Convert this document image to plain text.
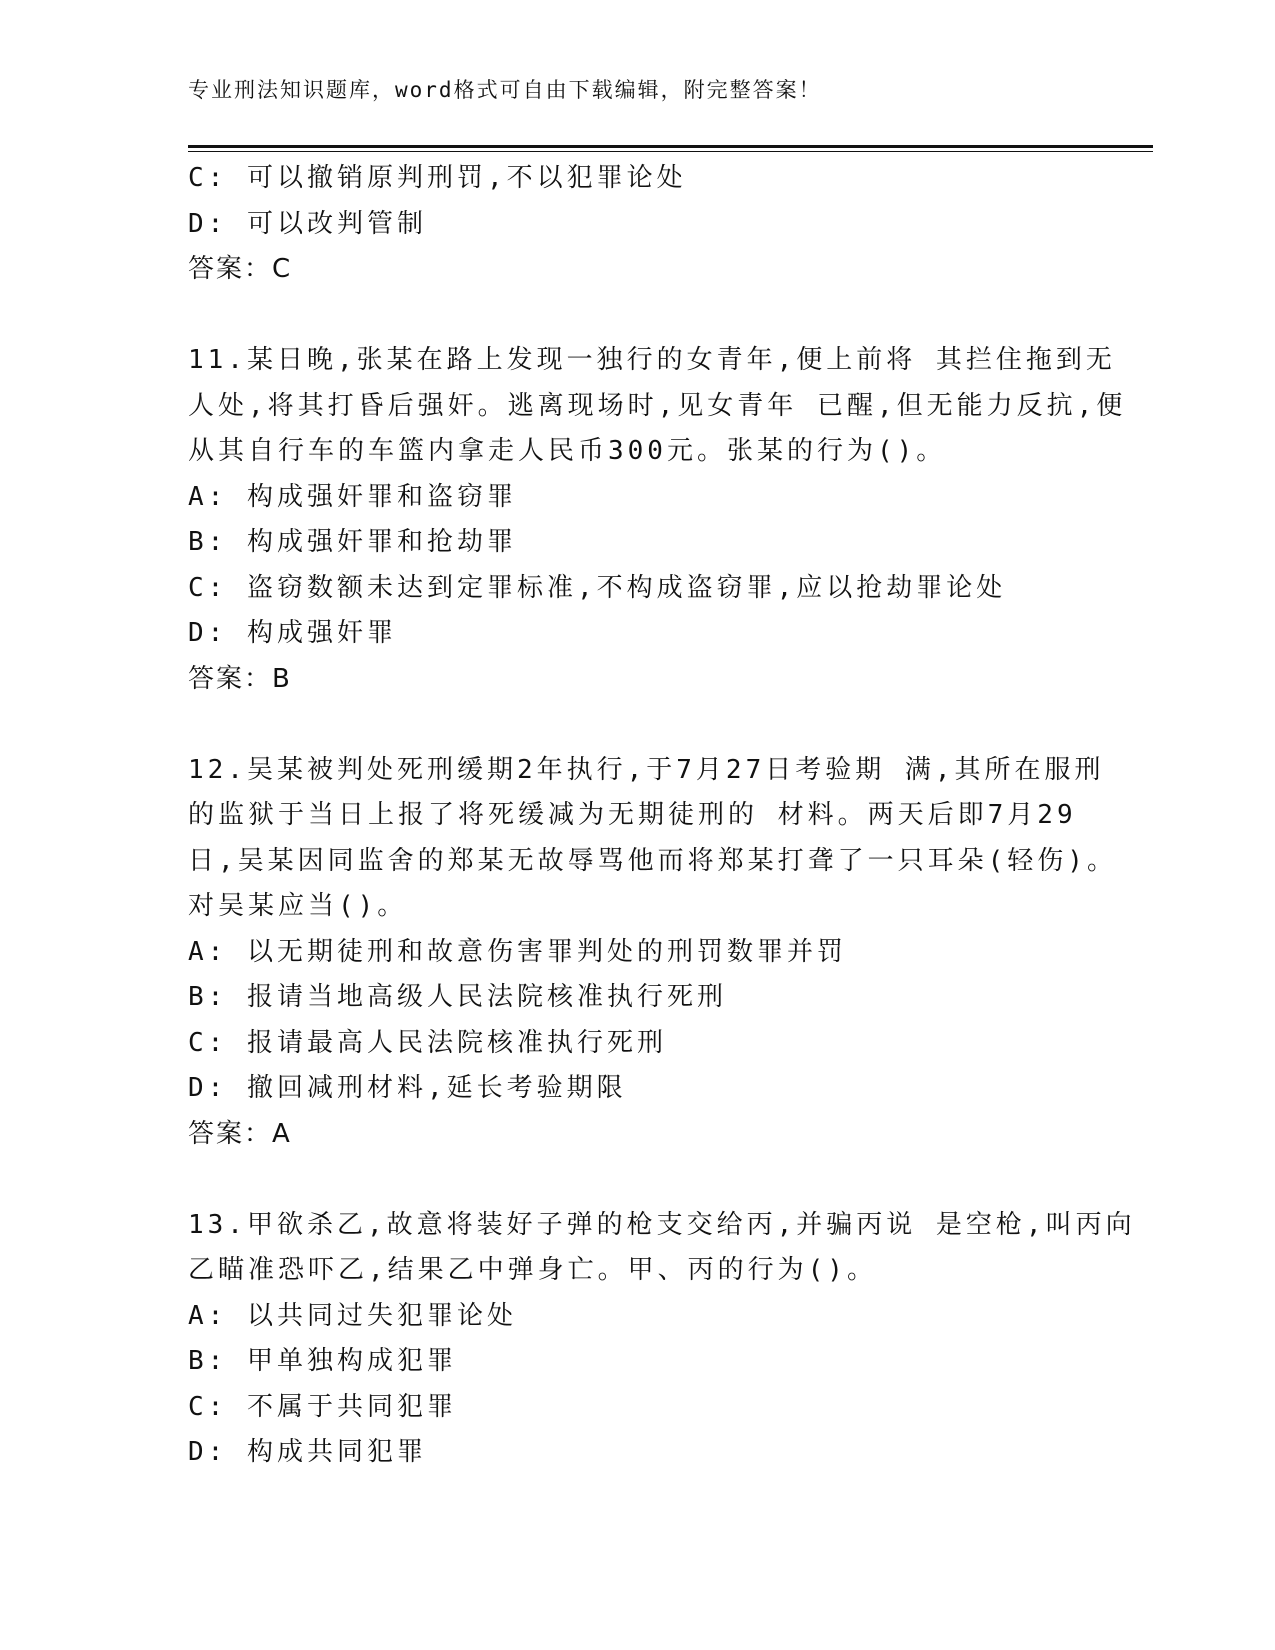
专业刑法知识题库，word格式可自由下载编辑，附完整答案！
C: 可以撤销原判刑罚,不以犯罪论处
D: 可以改判管制
答案：C
11.某日晚,张某在路上发现一独行的女青年,便上前将 其拦住拖到无
人处,将其打昏后强奸。逃离现场时,见女青年 已醒,但无能力反抗,便
从其自行车的车篮内拿走人民币300元。张某的行为()。
A: 构成强奸罪和盗窃罪
B: 构成强奸罪和抢劫罪
C: 盗窃数额未达到定罪标准,不构成盗窃罪,应以抢劫罪论处
D: 构成强奸罪
答案：B
12.吴某被判处死刑缓期2年执行,于7月27日考验期 满,其所在服刑
的监狱于当日上报了将死缓减为无期徒刑的 材料。两天后即7月29
日,吴某因同监舍的郑某无故辱骂他而将郑某打聋了一只耳朵(轻伤)。
对吴某应当()。
A: 以无期徒刑和故意伤害罪判处的刑罚数罪并罚
B: 报请当地高级人民法院核准执行死刑
C: 报请最高人民法院核准执行死刑
D: 撤回减刑材料,延长考验期限
答案：A
13.甲欲杀乙,故意将装好子弹的枪支交给丙,并骗丙说 是空枪,叫丙向
乙瞄准恐吓乙,结果乙中弹身亡。甲、丙的行为()。
A: 以共同过失犯罪论处
B: 甲单独构成犯罪
C: 不属于共同犯罪
D: 构成共同犯罪
